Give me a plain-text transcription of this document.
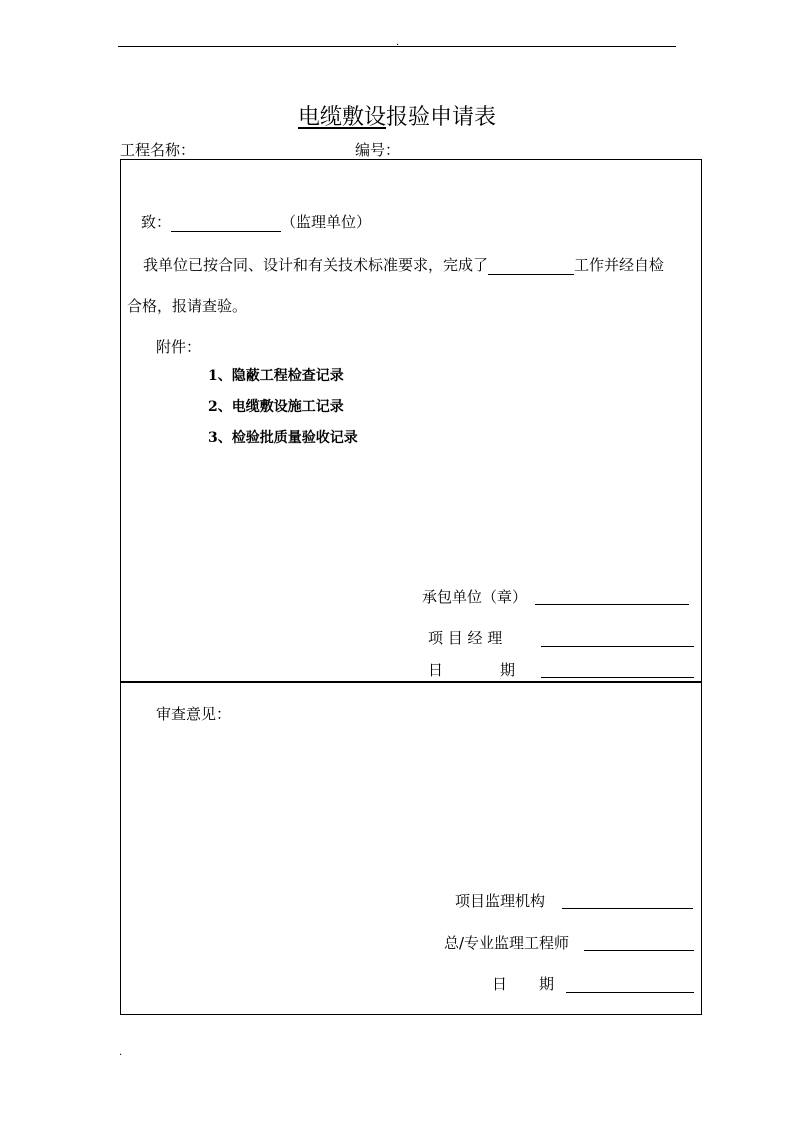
.
电缆敷设报验申请表
工程名称：	编号：
致：	（监理单位）
我单位已按合同、设计和有关技术标准要求，完成了	工作并经自检
合格，报请查验。
附件：
1、隐蔽工程检查记录
2、电缆敷设施工记录
3、检验批质量验收记录
承包单位（章）
项 目 经 理
日	期
审查意见：
项目监理机构
总/专业监理工程师
日 期
.
